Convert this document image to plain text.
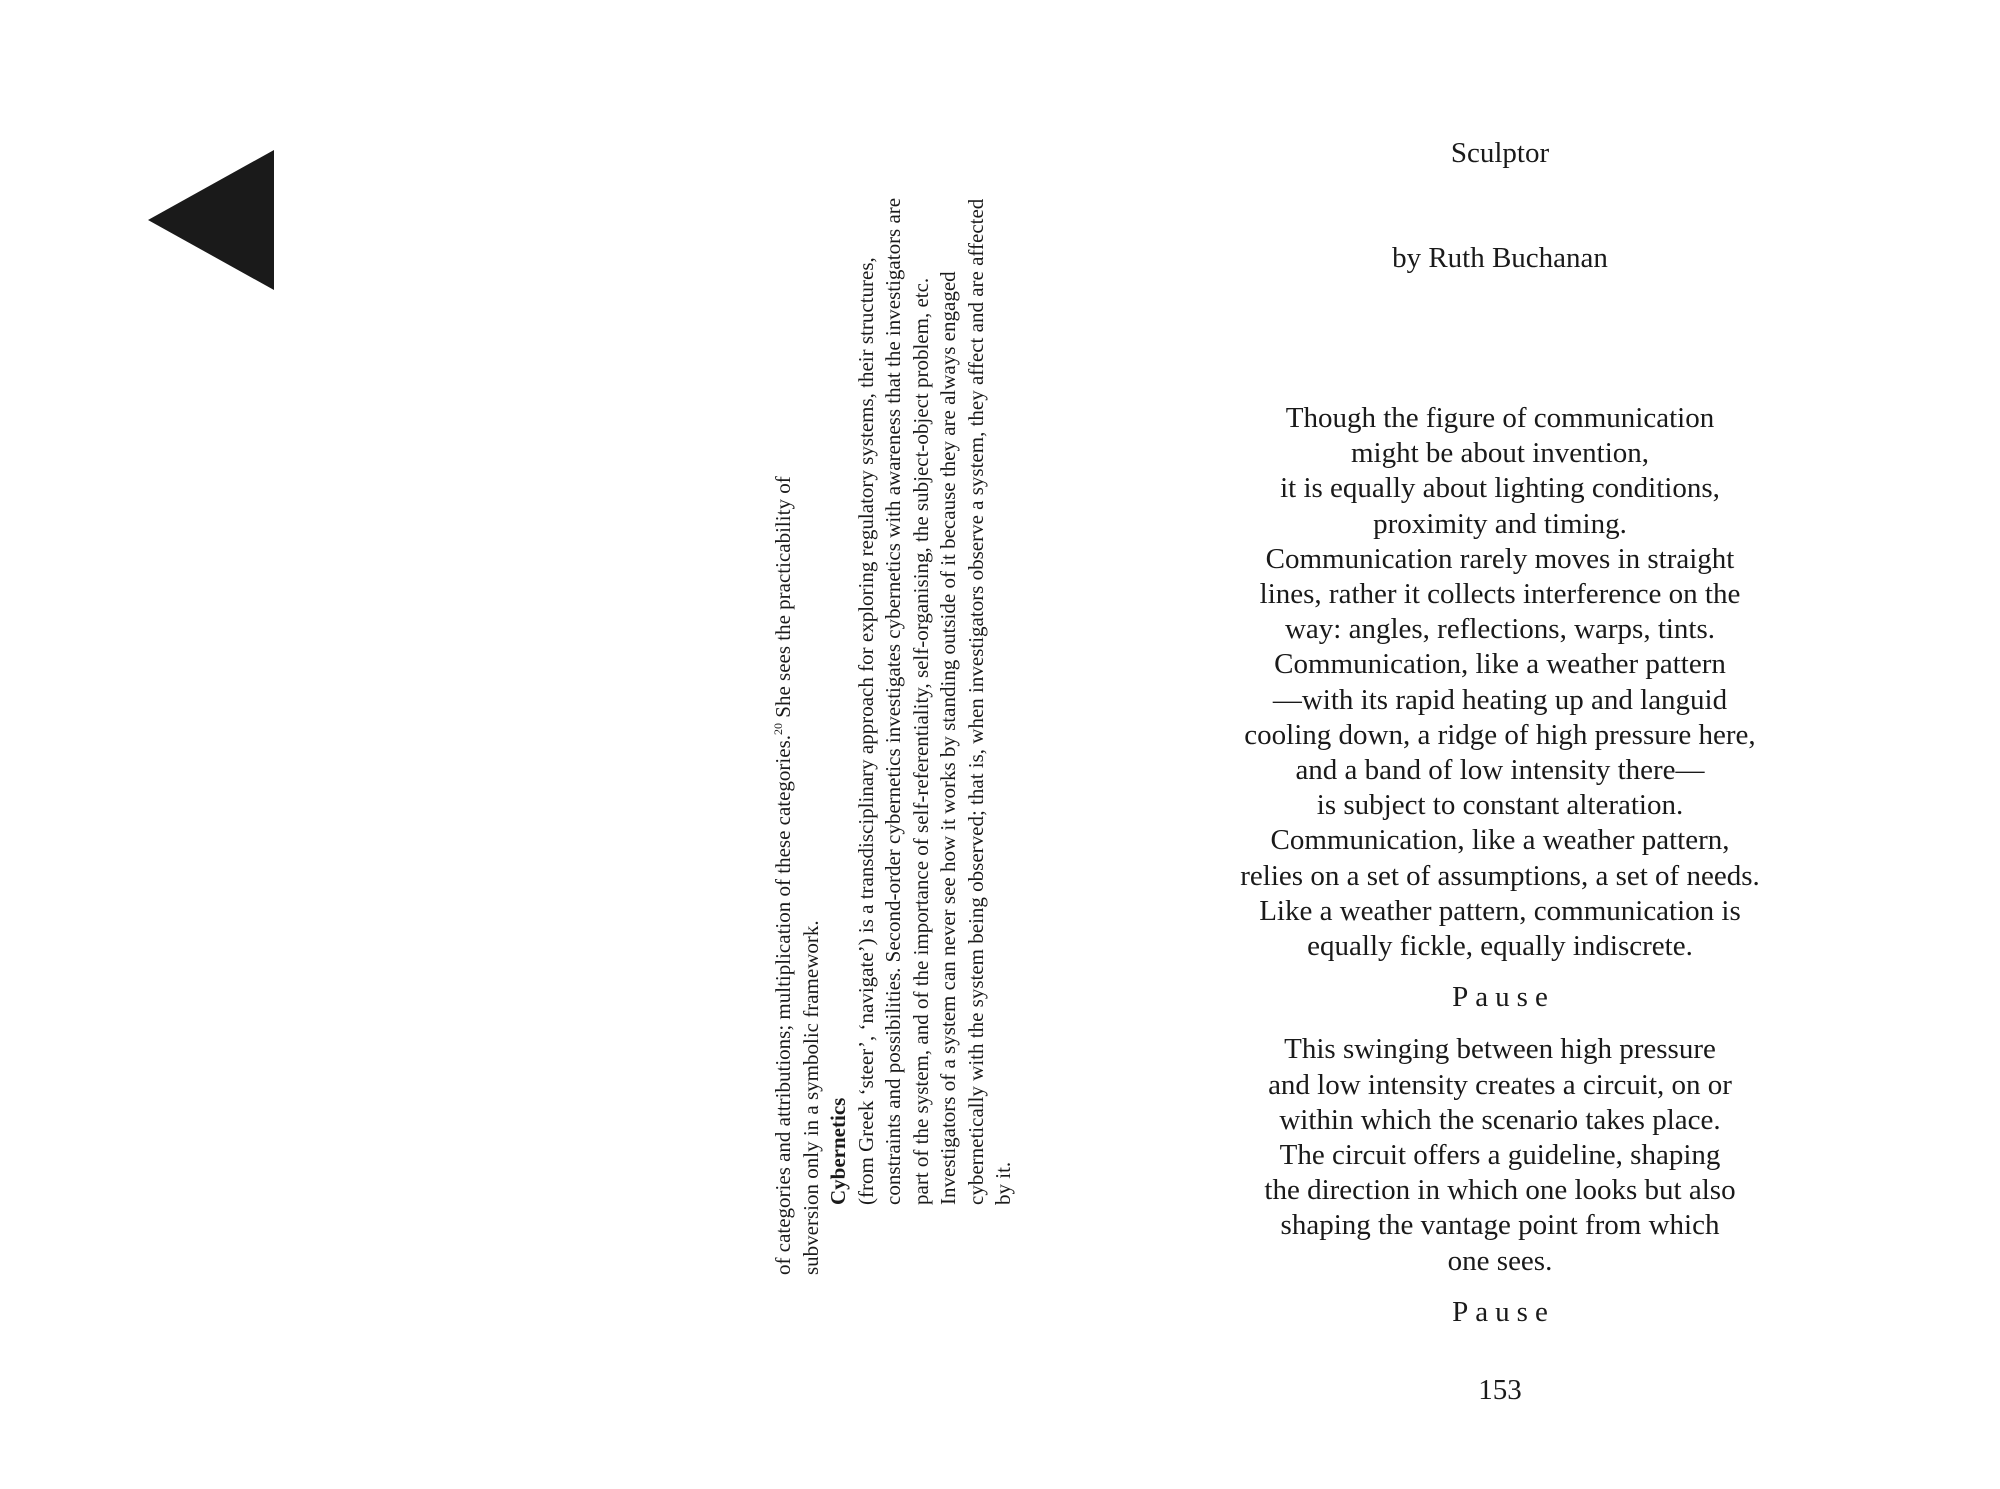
of categories and attributions; multiplication of these categories.$^{20}$ She sees the practicability of

subversion only in a symbolic framework. Cybernetics (from Greek ‘steer’, ‘navigate’) is a transdisciplinary approach for exploring regulatory systems, their structures, constraints and possibilities. Second-order cybernetics investigates cybernetics with awareness that the investigators are part of the system, and of the importance of self-referentiality, self-organising, the subject-object problem, etc. Investigators of a system can never see how it works by standing outside of it because they are always engaged cybernetically with the system being observed; that is, when investigators observe a system, they affect and are affected by it.

Sculptor
by Ruth Buchanan
Though the figure of communication
might be about invention,
it is equally about lighting conditions,
proximity and timing.
Communication rarely moves in straight
lines, rather it collects interference on the
way: angles, reflections, warps, tints.
Communication, like a weather pattern
—with its rapid heating up and languid
cooling down, a ridge of high pressure here,
and a band of low intensity there—
is subject to constant alteration.
Communication, like a weather pattern,
relies on a set of assumptions, a set of needs.
Like a weather pattern, communication is
equally fickle, equally indiscrete.
Pause
This swinging between high pressure
and low intensity creates a circuit, on or
within which the scenario takes place.
The circuit offers a guideline, shaping
the direction in which one looks but also
shaping the vantage point from which
one sees.
Pause
153
